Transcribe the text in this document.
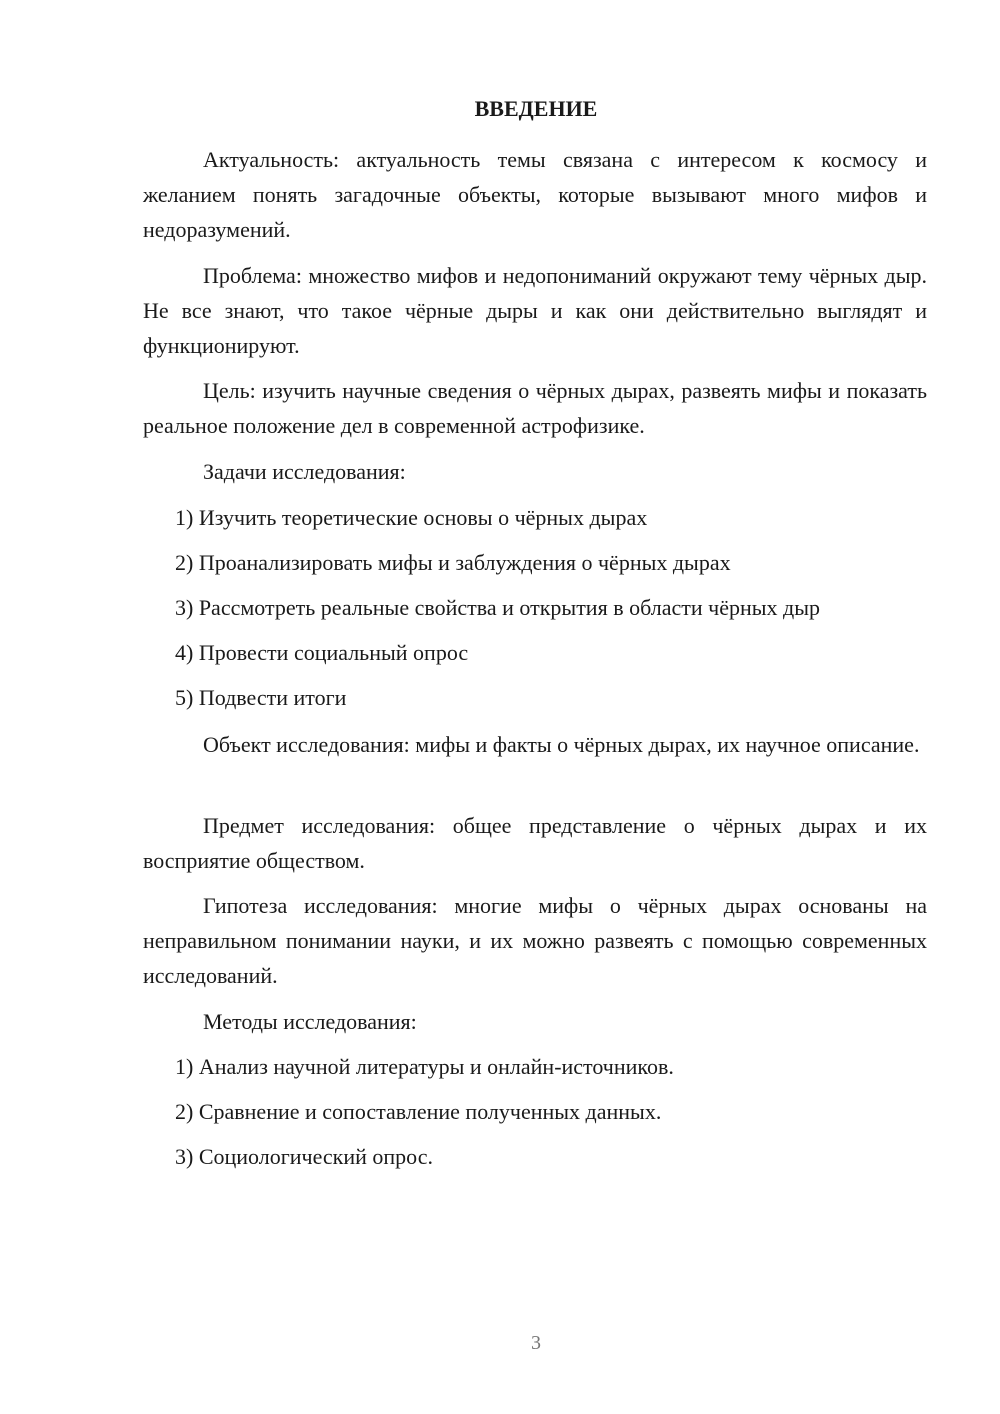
ВВЕДЕНИЕ

Актуальность: актуальность темы связана с интересом к космосу и желанием понять загадочные объекты, которые вызывают много мифов и недоразумений.

Проблема: множество мифов и недопониманий окружают тему чёрных дыр. Не все знают, что такое чёрные дыры и как они действительно выглядят и функционируют.

Цель: изучить научные сведения о чёрных дырах, развеять мифы и показать реальное положение дел в современной астрофизике.

Задачи исследования:

1) Изучить теоретические основы о чёрных дырах

2) Проанализировать мифы и заблуждения о чёрных дырах

3) Рассмотреть реальные свойства и открытия в области чёрных дыр

4) Провести социальный опрос

5) Подвести итоги

Объект исследования: мифы и факты о чёрных дырах, их научное описание.

Предмет исследования: общее представление о чёрных дырах и их восприятие обществом.

Гипотеза исследования: многие мифы о чёрных дырах основаны на неправильном понимании науки, и их можно развеять с помощью современных исследований.

Методы исследования:

1) Анализ научной литературы и онлайн-источников.

2) Сравнение и сопоставление полученных данных.

3) Социологический опрос.

3
